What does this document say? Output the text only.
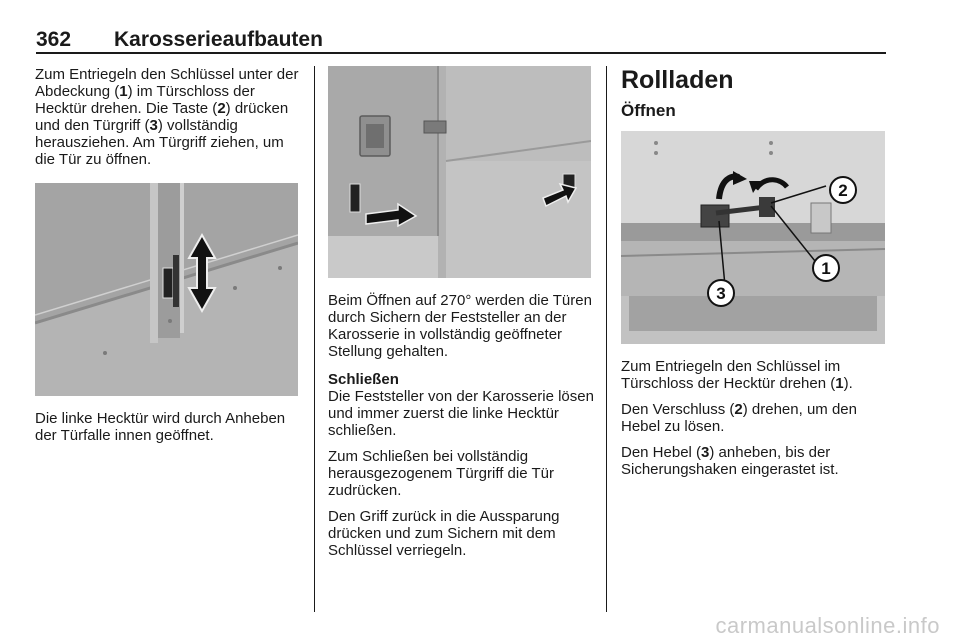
362 Karosserieaufbauten

Zum Entriegeln den Schlüssel unter der Abdeckung (1) im Türschloss der Hecktür drehen. Die Taste (2) drücken und den Türgriff (3) vollständig herausziehen. Am Türgriff ziehen, um die Tür zu öffnen.

Die linke Hecktür wird durch Anheben der Türfalle innen geöffnet.

Beim Öffnen auf 270° werden die Türen durch Sichern der Feststeller an der Karosserie in vollständig geöffneter Stellung gehalten.

Schließen
Die Feststeller von der Karosserie lösen und immer zuerst die linke Hecktür schließen.

Zum Schließen bei vollständig herausgezogenem Türgriff die Tür zudrücken.

Den Griff zurück in die Aussparung drücken und zum Sichern mit dem Schlüssel verriegeln.

Rollladen
Öffnen
1
2
3

Zum Entriegeln den Schlüssel im Türschloss der Hecktür drehen (1).

Den Verschluss (2) drehen, um den Hebel zu lösen.

Den Hebel (3) anheben, bis der Sicherungshaken eingerastet ist.

carmanualsonline.info
